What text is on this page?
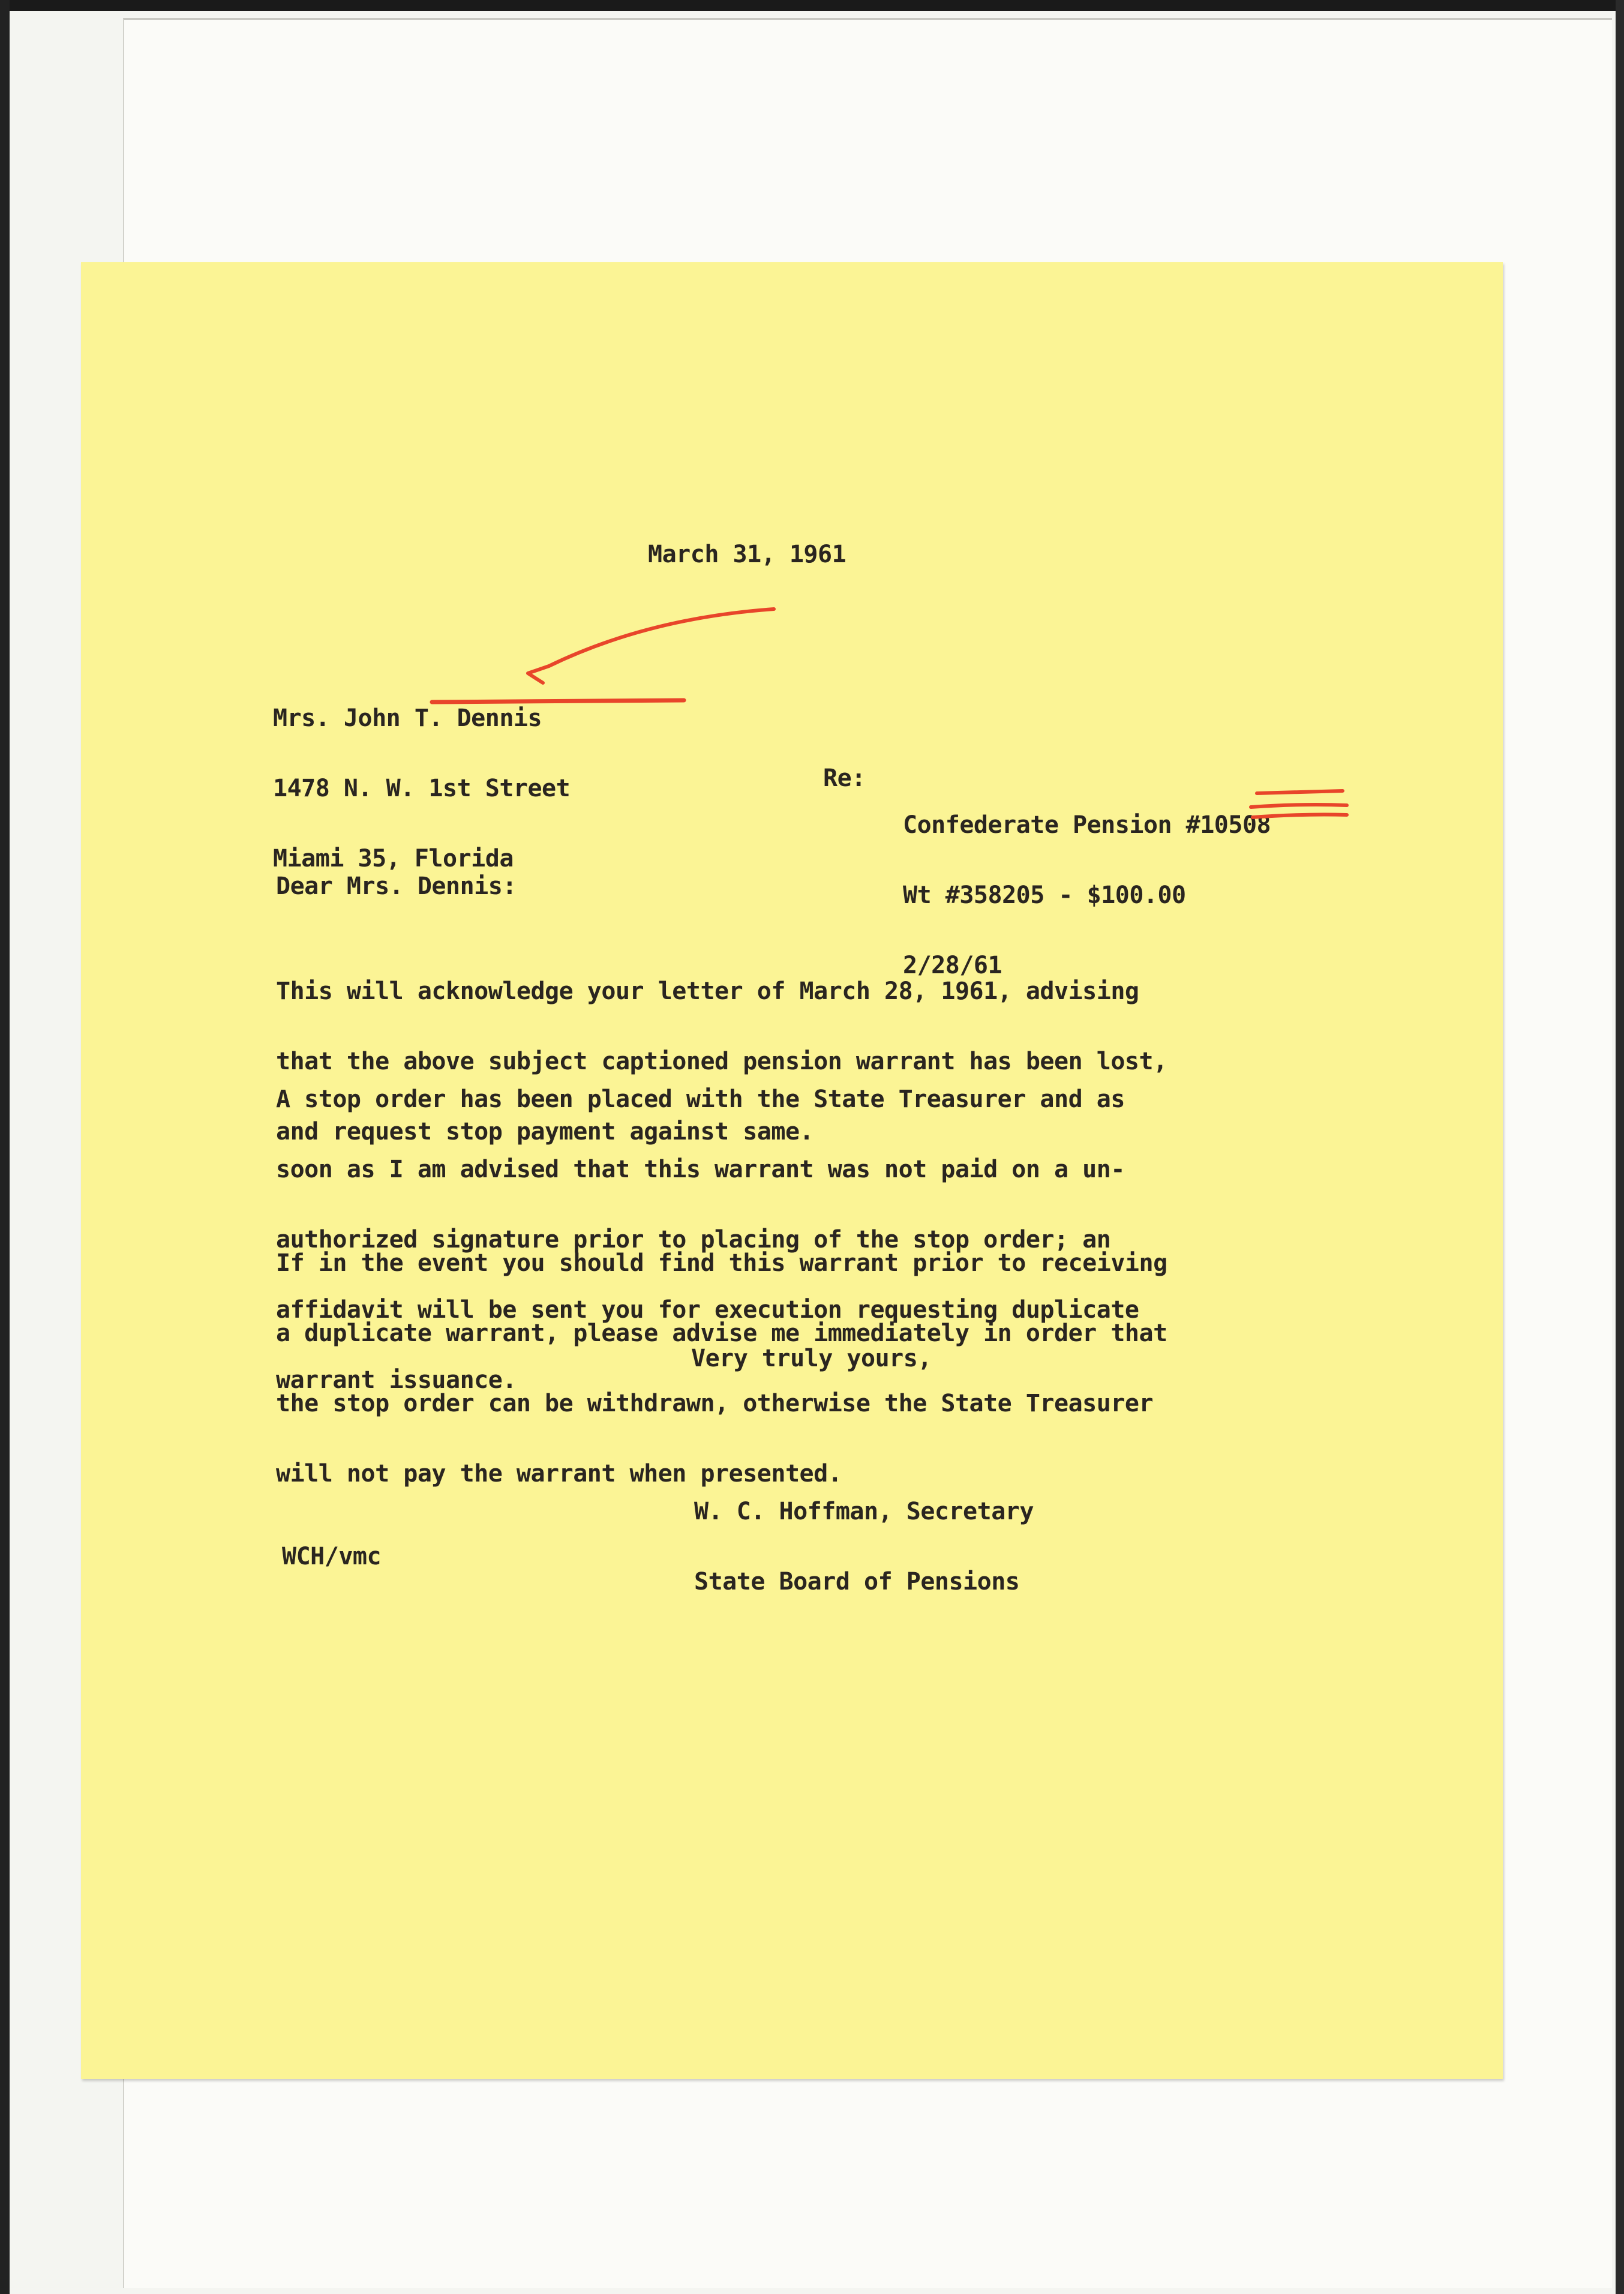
March 31, 1961

Mrs. John T. Dennis

1478 N. W. 1st Street

Miami 35, Florida

Re:

Confederate Pension #10508

Wt #358205 - $100.00

2/28/61

Dear Mrs. Dennis:

This will acknowledge your letter of March 28, 1961, advising

that the above subject captioned pension warrant has been lost,

and request stop payment against same.

A stop order has been placed with the State Treasurer and as

soon as I am advised that this warrant was not paid on a un-

authorized signature prior to placing of the stop order; an

affidavit will be sent you for execution requesting duplicate

warrant issuance.

If in the event you should find this warrant prior to receiving

a duplicate warrant, please advise me immediately in order that

the stop order can be withdrawn, otherwise the State Treasurer

will not pay the warrant when presented.

Very truly yours,

W. C. Hoffman, Secretary

State Board of Pensions

WCH/vmc
